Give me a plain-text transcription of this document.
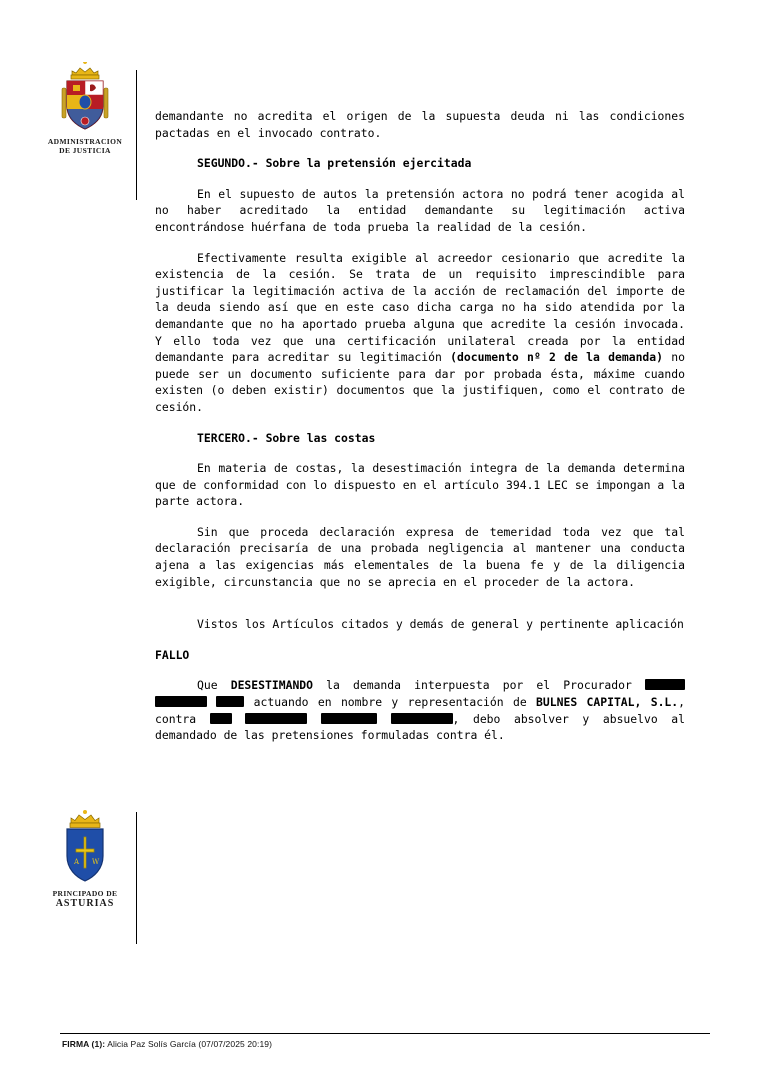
ADMINISTRACION
DE JUSTICIA
A W
PRINCIPADO DE
ASTURIAS

demandante no acredita el origen de la supuesta deuda ni las condiciones pactadas en el invocado contrato.

SEGUNDO.- Sobre la pretensión ejercitada

En el supuesto de autos la pretensión actora no podrá tener acogida al no haber acreditado la entidad demandante su legitimación activa encontrándose huérfana de toda prueba la realidad de la cesión.

Efectivamente resulta exigible al acreedor cesionario que acredite la existencia de la cesión. Se trata de un requisito imprescindible para justificar la legitimación activa de la acción de reclamación del importe de la deuda siendo así que en este caso dicha carga no ha sido atendida por la demandante que no ha aportado prueba alguna que acredite la cesión invocada. Y ello toda vez que una certificación unilateral creada por la entidad demandante para acreditar su legitimación (documento nº 2 de la demanda) no puede ser un documento suficiente para dar por probada ésta, máxime cuando existen (o deben existir) documentos que la justifiquen, como el contrato de cesión.

TERCERO.- Sobre las costas

En materia de costas, la desestimación integra de la demanda determina que de conformidad con lo dispuesto en el artículo 394.1 LEC se impongan a la parte actora.

Sin que proceda declaración expresa de temeridad toda vez que tal declaración precisaría de una probada negligencia al mantener una conducta ajena a las exigencias más elementales de la buena fe y de la diligencia exigible, circunstancia que no se aprecia en el proceder de la actora.

Vistos los Artículos citados y demás de general y pertinente aplicación

FALLO

Que DESESTIMANDO la demanda interpuesta por el Procurador    actuando en nombre y representación de BULNES CAPITAL, S.L., contra	, debo absolver y absuelvo al demandado de las pretensiones formuladas contra él.

FIRMA (1): Alicia Paz Solís García (07/07/2025 20:19)
